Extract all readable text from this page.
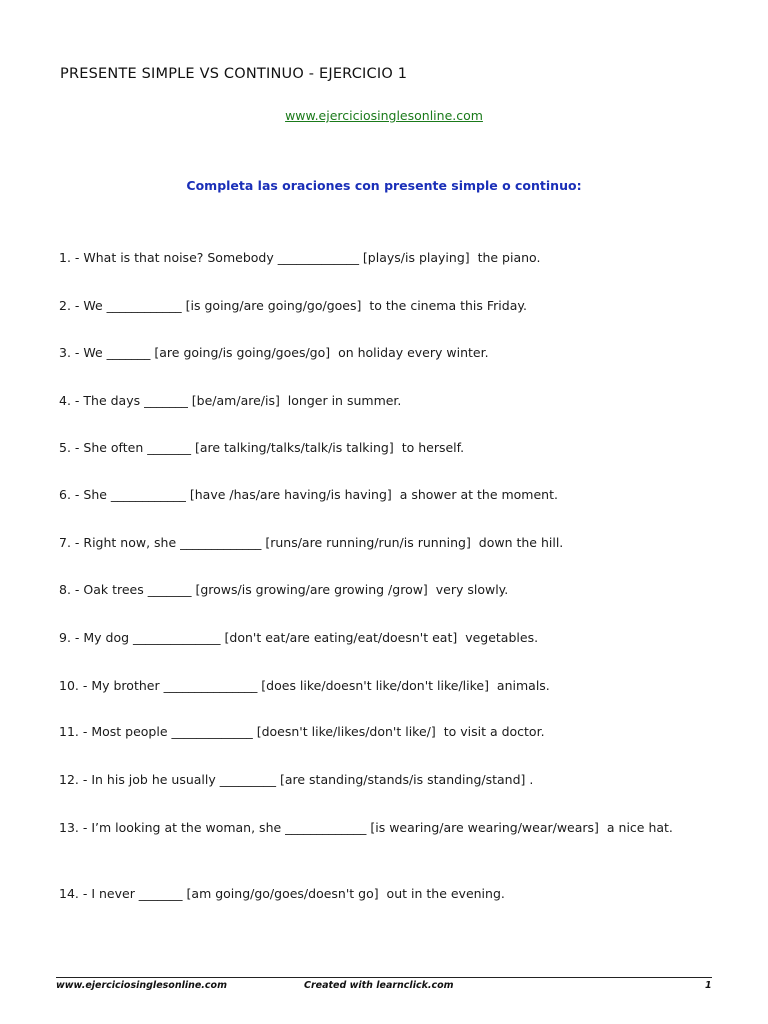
PRESENTE SIMPLE VS CONTINUO - EJERCICIO 1
www.ejerciciosinglesonline.com
Completa las oraciones con presente simple o continuo:
1. - What is that noise? Somebody _____________ [plays/is playing]  the piano.
2. - We ____________ [is going/are going/go/goes]  to the cinema this Friday.
3. - We _______ [are going/is going/goes/go]  on holiday every winter.
4. - The days _______ [be/am/are/is]  longer in summer.
5. - She often _______ [are talking/talks/talk/is talking]  to herself.
6. - She ____________ [have /has/are having/is having]  a shower at the moment.
7. - Right now, she _____________ [runs/are running/run/is running]  down the hill.
8. - Oak trees _______ [grows/is growing/are growing /grow]  very slowly.
9. - My dog ______________ [don't eat/are eating/eat/doesn't eat]  vegetables.
10. - My brother _______________ [does like/doesn't like/don't like/like]  animals.
11. - Most people _____________ [doesn't like/likes/don't like/]  to visit a doctor.
12. - In his job he usually _________ [are standing/stands/is standing/stand] .
13. - I’m looking at the woman, she _____________ [is wearing/are wearing/wear/wears]  a nice hat.
14. - I never _______ [am going/go/goes/doesn't go]  out in the evening.
www.ejerciciosinglesonline.com	Created with learnclick.com	1
